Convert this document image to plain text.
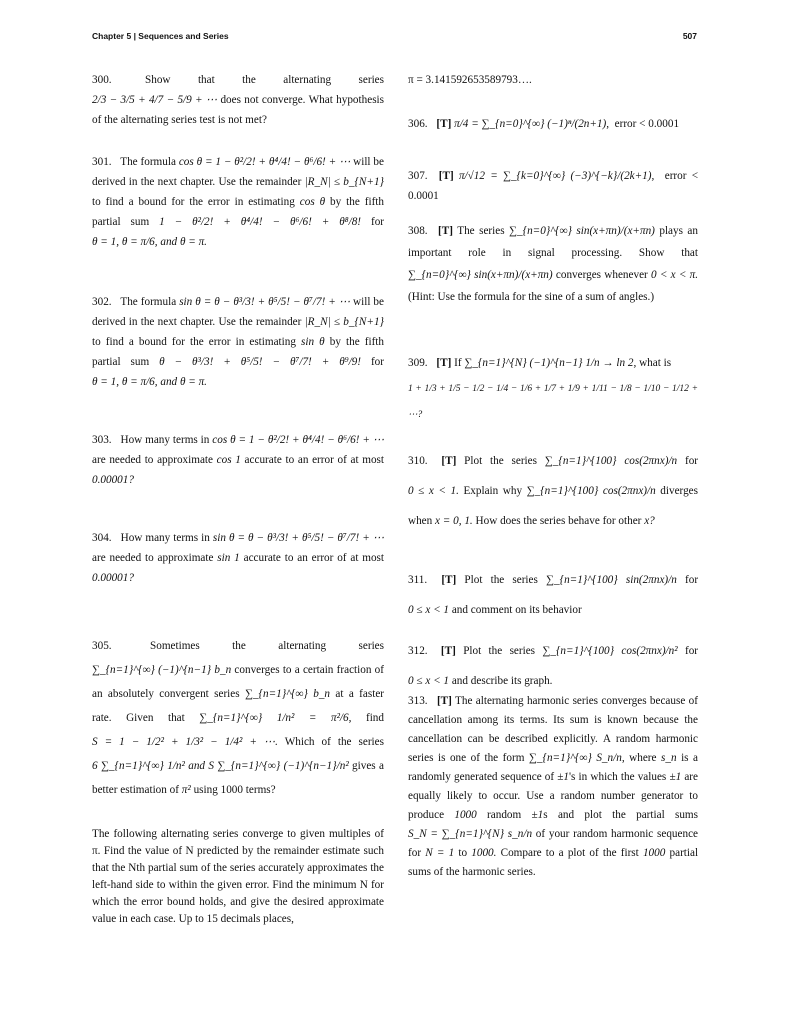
Chapter 5 | Sequences and Series	507
300.	Show that the alternating series 2/3 − 3/5 + 4/7 − 5/9 + ⋯ does not converge. What hypothesis of the alternating series test is not met?
301. The formula cos θ = 1 − θ²/2! + θ⁴/4! − θ⁶/6! + ⋯ will be derived in the next chapter. Use the remainder |R_N| ≤ b_{N+1} to find a bound for the error in estimating cos θ by the fifth partial sum 1 − θ²/2! + θ⁴/4! − θ⁶/6! + θ⁸/8! for θ = 1, θ = π/6, and θ = π.
302. The formula sin θ = θ − θ³/3! + θ⁵/5! − θ⁷/7! + ⋯ will be derived in the next chapter. Use the remainder |R_N| ≤ b_{N+1} to find a bound for the error in estimating sin θ by the fifth partial sum θ − θ³/3! + θ⁵/5! − θ⁷/7! + θ⁹/9! for θ = 1, θ = π/6, and θ = π.
303. How many terms in cos θ = 1 − θ²/2! + θ⁴/4! − θ⁶/6! + ⋯ are needed to approximate cos 1 accurate to an error of at most 0.00001?
304. How many terms in sin θ = θ − θ³/3! + θ⁵/5! − θ⁷/7! + ⋯ are needed to approximate sin 1 accurate to an error of at most 0.00001?
305.	Sometimes the alternating series ∑_{n=1}^{∞} (−1)^{n−1} b_n converges to a certain fraction of an absolutely convergent series ∑_{n=1}^{∞} b_n at a faster rate. Given that ∑_{n=1}^{∞} 1/n² = π²/6, find S = 1 − 1/2² + 1/3² − 1/4² + ⋯. Which of the series 6 ∑_{n=1}^{∞} 1/n² and S ∑_{n=1}^{∞} (−1)^{n−1}/n² gives a better estimation of π² using 1000 terms?
The following alternating series converge to given multiples of π. Find the value of N predicted by the remainder estimate such that the Nth partial sum of the series accurately approximates the left-hand side to within the given error. Find the minimum N for which the error bound holds, and give the desired approximate value in each case. Up to 15 decimals places,
π = 3.141592653589793….
306. [T] π/4 = ∑_{n=0}^{∞} (−1)ⁿ/(2n+1), error < 0.0001
307. [T] π/√12 = ∑_{k=0}^{∞} (−3)^{−k}/(2k+1), error < 0.0001
308. [T] The series ∑_{n=0}^{∞} sin(x+πn)/(x+πn) plays an important role in signal processing. Show that ∑_{n=0}^{∞} sin(x+πn)/(x+πn) converges whenever 0 < x < π. (Hint: Use the formula for the sine of a sum of angles.)
309. [T] If ∑_{n=1}^{N} (−1)^{n−1} 1/n → ln 2, what is
1 + 1/3 + 1/5 − 1/2 − 1/4 − 1/6 + 1/7 + 1/9 + 1/11 − 1/8 − 1/10 − 1/12 + ⋯?
310. [T] Plot the series ∑_{n=1}^{100} cos(2πnx)/n for 0 ≤ x < 1. Explain why ∑_{n=1}^{100} cos(2πnx)/n diverges when x = 0, 1. How does the series behave for other x?
311. [T] Plot the series ∑_{n=1}^{100} sin(2πnx)/n for 0 ≤ x < 1 and comment on its behavior
312. [T] Plot the series ∑_{n=1}^{100} cos(2πnx)/n² for 0 ≤ x < 1 and describe its graph.
313. [T] The alternating harmonic series converges because of cancellation among its terms. Its sum is known because the cancellation can be described explicitly. A random harmonic series is one of the form ∑_{n=1}^{∞} S_n/n, where s_n is a randomly generated sequence of ±1's in which the values ±1 are equally likely to occur. Use a random number generator to produce 1000 random ±1s and plot the partial sums S_N = ∑_{n=1}^{N} s_n/n of your random harmonic sequence for N = 1 to 1000. Compare to a plot of the first 1000 partial sums of the harmonic series.
